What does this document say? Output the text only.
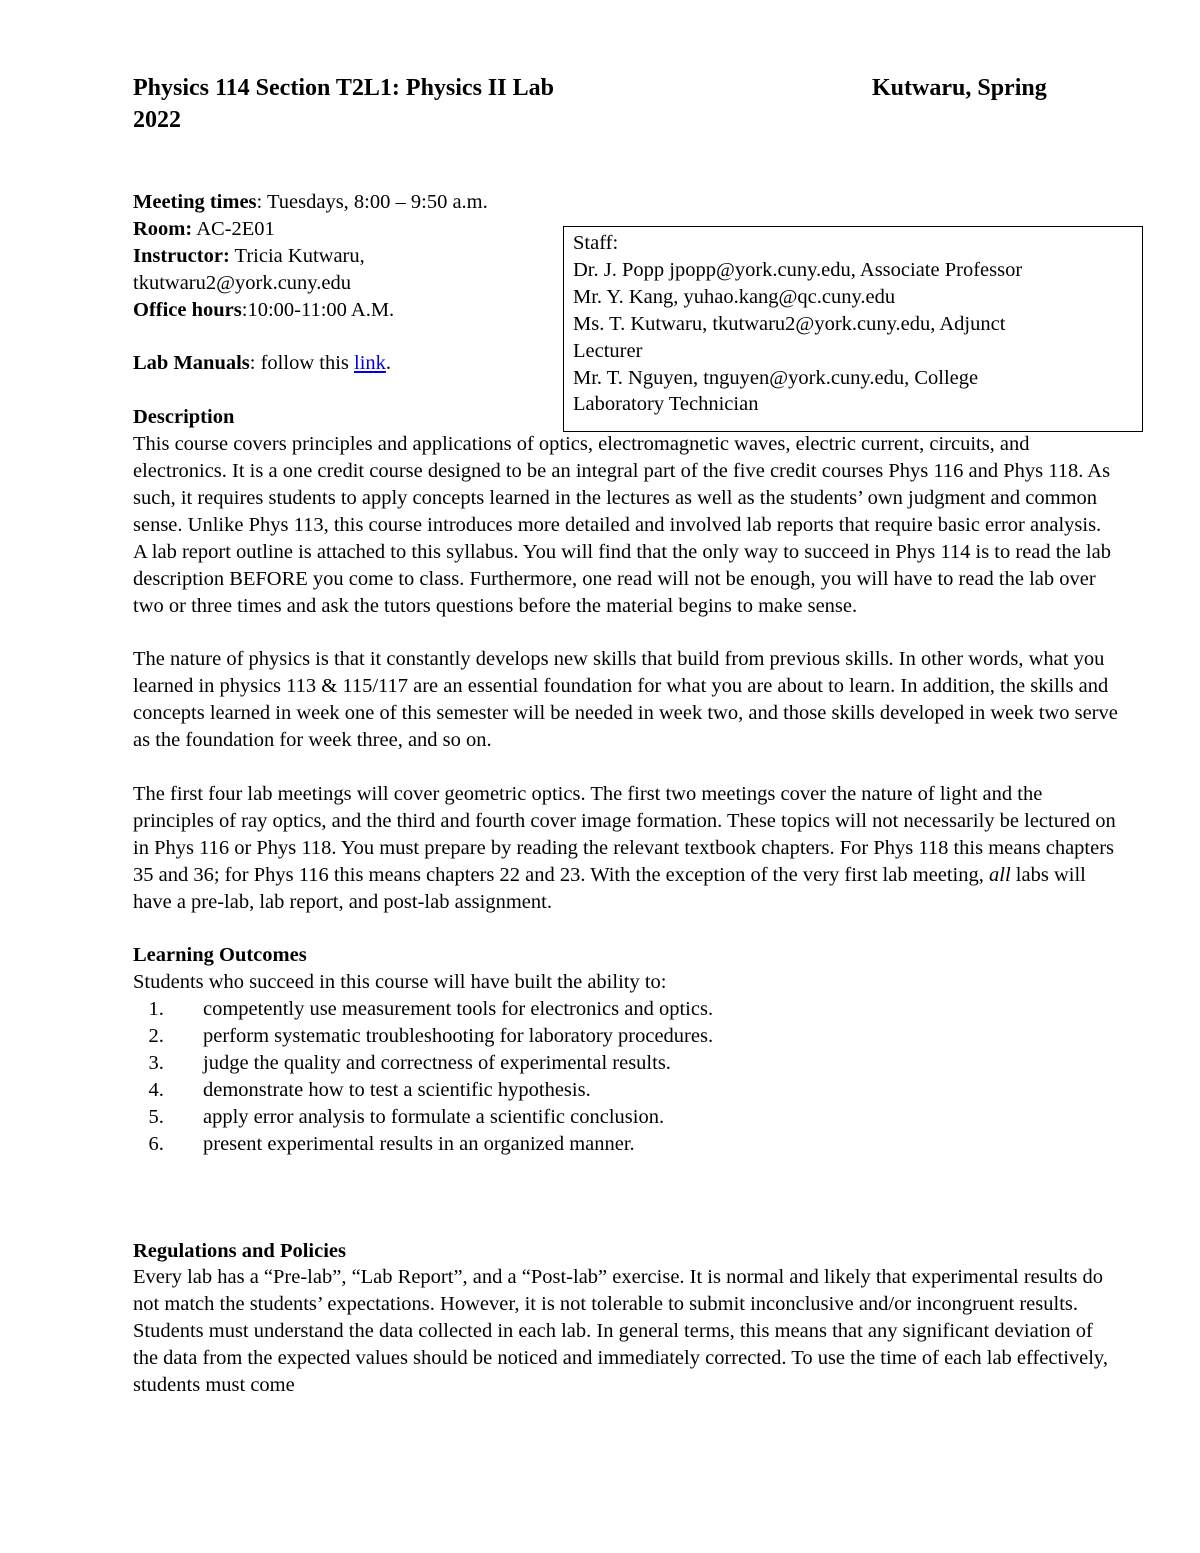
Physics 114 Section T2L1: Physics II Lab
2022
Kutwaru, Spring
Staff:
Dr. J. Popp jpopp@york.cuny.edu, Associate Professor
Mr. Y. Kang, yuhao.kang@qc.cuny.edu
Ms. T. Kutwaru, tkutwaru2@york.cuny.edu, Adjunct
Lecturer
Mr. T. Nguyen, tnguyen@york.cuny.edu, College
Laboratory Technician

Meeting times: Tuesdays, 8:00 – 9:50 a.m.

Room: AC-2E01

Instructor: Tricia Kutwaru,

tkutwaru2@york.cuny.edu

Office hours:10:00-11:00 A.M.

Lab Manuals: follow this link.

Description

This course covers principles and applications of optics, electromagnetic waves, electric current, circuits, and electronics. It is a one credit course designed to be an integral part of the five credit courses Phys 116 and Phys 118. As such, it requires students to apply concepts learned in the lectures as well as the students’ own judgment and common sense. Unlike Phys 113, this course introduces more detailed and involved lab reports that require basic error analysis. A lab report outline is attached to this syllabus. You will find that the only way to succeed in Phys 114 is to read the lab description BEFORE you come to class. Furthermore, one read will not be enough, you will have to read the lab over two or three times and ask the tutors questions before the material begins to make sense.

The nature of physics is that it constantly develops new skills that build from previous skills. In other words, what you learned in physics 113 & 115/117 are an essential foundation for what you are about to learn. In addition, the skills and concepts learned in week one of this semester will be needed in week two, and those skills developed in week two serve as the foundation for week three, and so on.

The first four lab meetings will cover geometric optics. The first two meetings cover the nature of light and the principles of ray optics, and the third and fourth cover image formation. These topics will not necessarily be lectured on in Phys 116 or Phys 118. You must prepare by reading the relevant textbook chapters. For Phys 118 this means chapters 35 and 36; for Phys 116 this means chapters 22 and 23. With the exception of the very first lab meeting, all labs will have a pre-lab, lab report, and post-lab assignment.

Learning Outcomes

Students who succeed in this course will have built the ability to:

1. competently use measurement tools for electronics and optics.
2. perform systematic troubleshooting for laboratory procedures.
3. judge the quality and correctness of experimental results.
4. demonstrate how to test a scientific hypothesis.
5. apply error analysis to formulate a scientific conclusion.
6. present experimental results in an organized manner.

Regulations and Policies

Every lab has a “Pre-lab”, “Lab Report”, and a “Post-lab” exercise. It is normal and likely that experimental results do not match the students’ expectations. However, it is not tolerable to submit inconclusive and/or incongruent results. Students must understand the data collected in each lab. In general terms, this means that any significant deviation of the data from the expected values should be noticed and immediately corrected. To use the time of each lab effectively, students must come
